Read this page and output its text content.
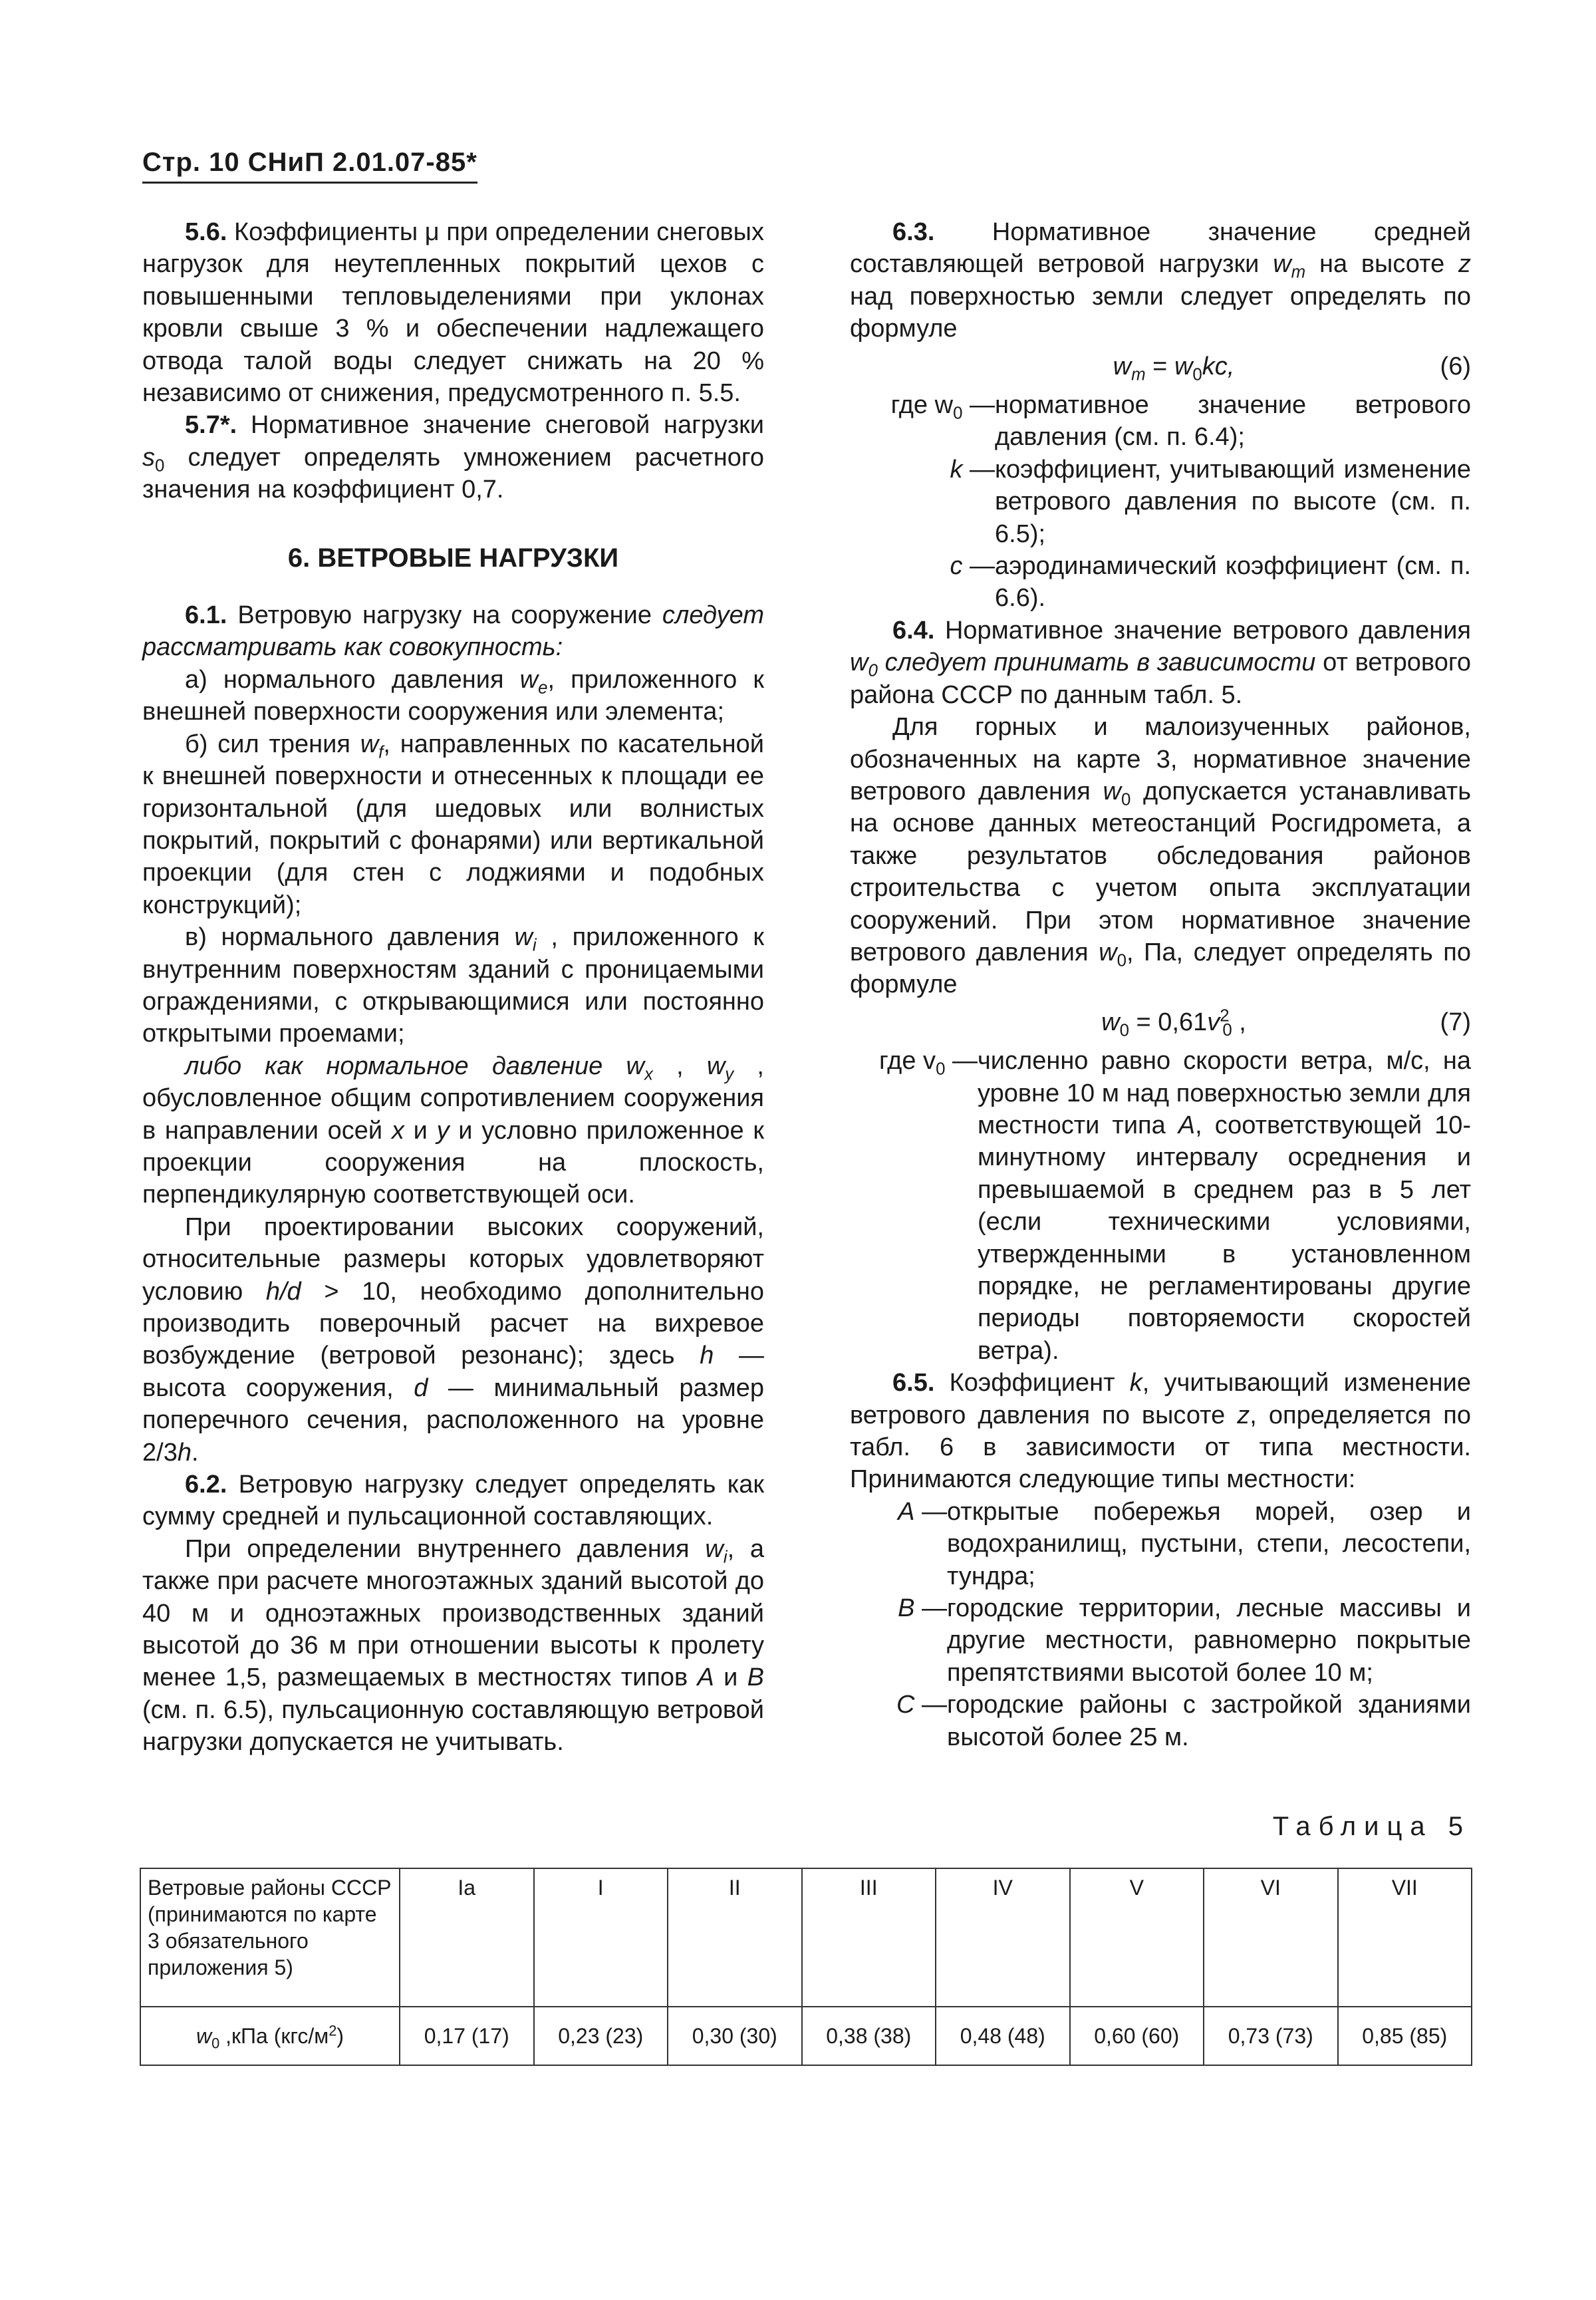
Стр. 10 СНиП 2.01.07-85*

5.6. Коэффициенты μ при определении снеговых нагрузок для неутепленных покрытий цехов с повышенными тепловыделениями при уклонах кровли свыше 3 % и обеспечении надлежащего отвода талой воды следует снижать на 20 % независимо от снижения, предусмотренного п. 5.5.

5.7*. Нормативное значение снеговой нагрузки $s_0$ следует определять умножением расчетного значения на коэффициент 0,7.

6. ВЕТРОВЫЕ НАГРУЗКИ

6.1. Ветровую нагрузку на сооружение следует рассматривать как совокупность:

а) нормального давления $w_e$, приложенного к внешней поверхности сооружения или элемента;

б) сил трения $w_f$, направленных по касательной к внешней поверхности и отнесенных к площади ее горизонтальной (для шедовых или волнистых покрытий, покрытий с фонарями) или вертикальной проекции (для стен с лоджиями и подобных конструкций);

в) нормального давления $w_i$ , приложенного к внутренним поверхностям зданий с проницаемыми ограждениями, с открывающимися или постоянно открытыми проемами;

либо как нормальное давление $w_x$ , $w_y$ , обусловленное общим сопротивлением сооружения в направлении осей x и y и условно приложенное к проекции сооружения на плоскость, перпендикулярную соответствующей оси.

При проектировании высоких сооружений, относительные размеры которых удовлетворяют условию h/d > 10, необходимо дополнительно производить поверочный расчет на вихревое возбуждение (ветровой резонанс); здесь h — высота сооружения, d — минимальный размер поперечного сечения, расположенного на уровне 2/3h.

6.2. Ветровую нагрузку следует определять как сумму средней и пульсационной составляющих.

При определении внутреннего давления $w_i$, а также при расчете многоэтажных зданий высотой до 40 м и одноэтажных производственных зданий высотой до 36 м при отношении высоты к пролету менее 1,5, размещаемых в местностях типов A и B (см. п. 6.5), пульсационную составляющую ветровой нагрузки допускается не учитывать.

6.3. Нормативное значение средней составляющей ветровой нагрузки $w_m$ на высоте z над поверхностью земли следует определять по формуле

$w_m = w_0kc$,	(6)
где $w_0$ — нормативное значение ветрового давления (см. п. 6.4);
k — коэффициент, учитывающий изменение ветрового давления по высоте (см. п. 6.5);
c — аэродинамический коэффициент (см. п. 6.6).

6.4. Нормативное значение ветрового давления $w_0$ следует принимать в зависимости от ветрового района СССР по данным табл. 5.

Для горных и малоизученных районов, обозначенных на карте 3, нормативное значение ветрового давления $w_0$ допускается устанавливать на основе данных метеостанций Росгидромета, а также результатов обследования районов строительства с учетом опыта эксплуатации сооружений. При этом нормативное значение ветрового давления $w_0$, Па, следует определять по формуле

$w_0 = 0,61v^2_0$ ,	(7)
где $v_0$ — численно равно скорости ветра, м/с, на уровне 10 м над поверхностью земли для местности типа А, соответствующей 10-минутному интервалу осреднения и превышаемой в среднем раз в 5 лет (если техническими условиями, утвержденными в установленном порядке, не регламентированы другие периоды повторяемости скоростей ветра).

6.5. Коэффициент k, учитывающий изменение ветрового давления по высоте z, определяется по табл. 6 в зависимости от типа местности. Принимаются следующие типы местности:

A — открытые побережья морей, озер и водохранилищ, пустыни, степи, лесостепи, тундра;
B — городские территории, лесные массивы и другие местности, равномерно покрытые препятствиями высотой более 10 м;
C — городские районы с застройкой зданиями высотой более 25 м.
Таблица 5
Ветровые районы СССР (принимаются по карте 3 обязательного приложения 5)	Ia	I	II	III	IV	V	VI	VII
$w_0$ ,кПа $(кгс/м^2)$	0,17 (17)	0,23 (23)	0,30 (30)	0,38 (38)	0,48 (48)	0,60 (60)	0,73 (73)	0,85 (85)
